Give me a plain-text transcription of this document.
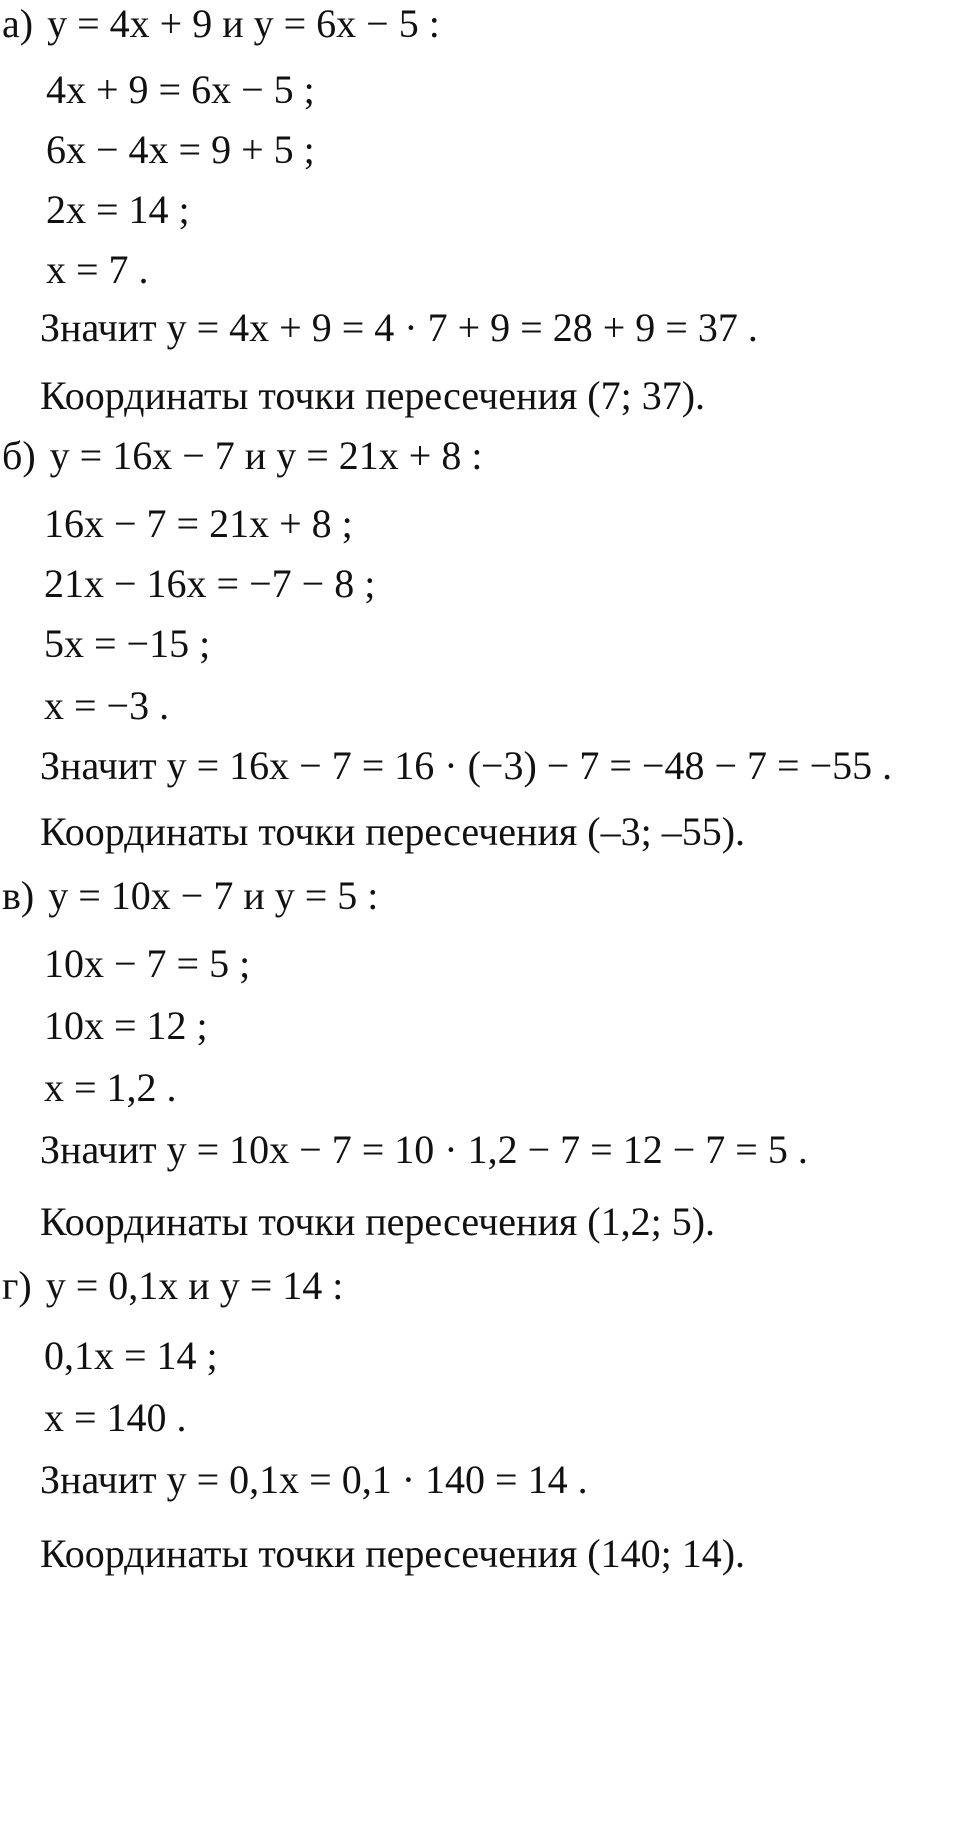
а) y = 4x + 9 и y = 6x − 5 :
4x + 9 = 6x − 5 ;
6x − 4x = 9 + 5 ;
2x = 14 ;
x = 7 .
Значит y = 4x + 9 = 4 · 7 + 9 = 28 + 9 = 37 .
Координаты точки пересечения (7; 37).
б) y = 16x − 7 и y = 21x + 8 :
16x − 7 = 21x + 8 ;
21x − 16x = −7 − 8 ;
5x = −15 ;
x = −3 .
Значит y = 16x − 7 = 16 · (−3) − 7 = −48 − 7 = −55 .
Координаты точки пересечения (–3; –55).
в) y = 10x − 7 и y = 5 :
10x − 7 = 5 ;
10x = 12 ;
x = 1,2 .
Значит y = 10x − 7 = 10 · 1,2 − 7 = 12 − 7 = 5 .
Координаты точки пересечения (1,2; 5).
г) y = 0,1x и y = 14 :
0,1x = 14 ;
x = 140 .
Значит y = 0,1x = 0,1 · 140 = 14 .
Координаты точки пересечения (140; 14).
